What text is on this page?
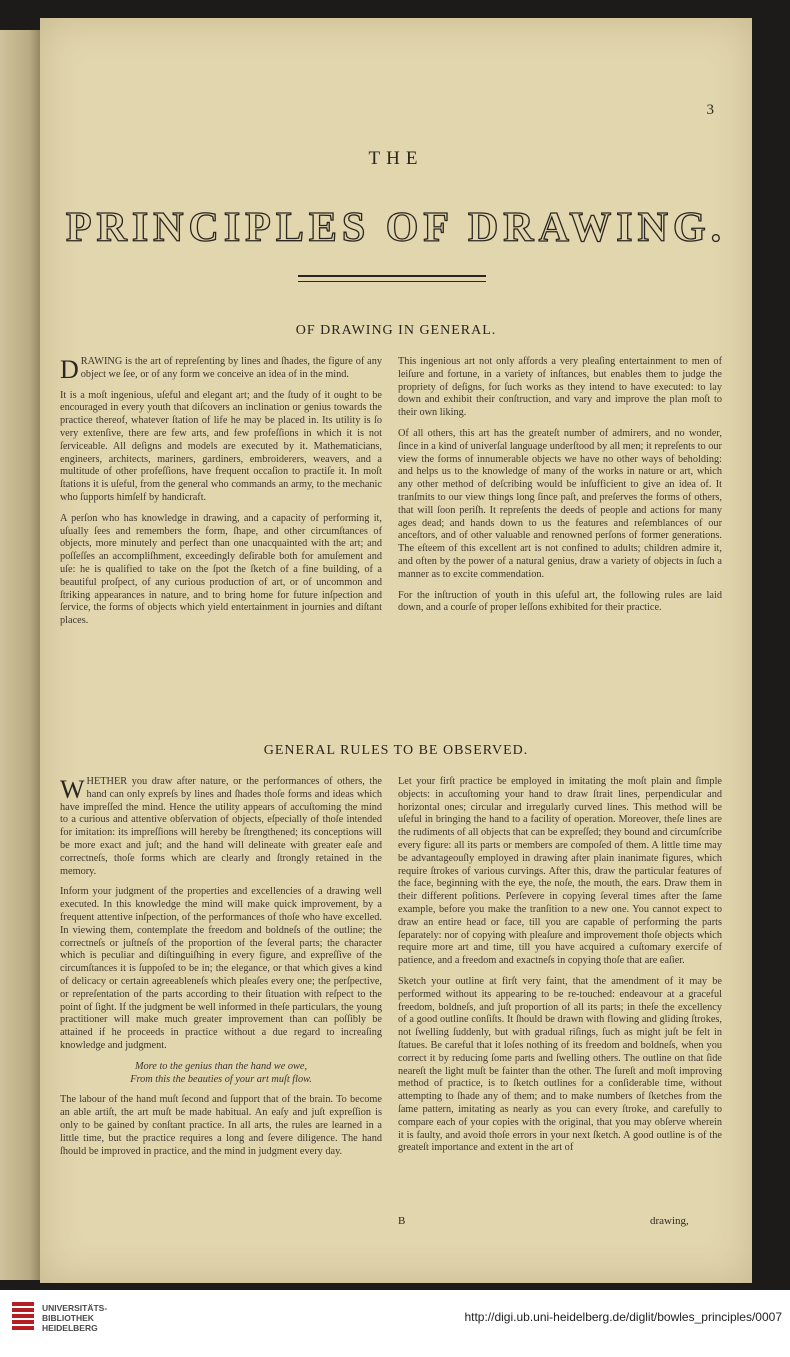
3
THE
PRINCIPLES OF DRAWING.
OF DRAWING IN GENERAL.

DRAWING is the art of repreſenting by lines and ſhades, the figure of any object we ſee, or of any form we conceive an idea of in the mind.

It is a moſt ingenious, uſeful and elegant art; and the ſtudy of it ought to be encouraged in every youth that diſcovers an inclination or genius towards the practice thereof, whatever ſtation of life he may be placed in. Its utility is ſo very extenſive, there are few arts, and few profeſſions in which it is not ſerviceable. All deſigns and models are executed by it. Mathematicians, engineers, architects, mariners, gardiners, embroiderers, weavers, and a multitude of other profeſſions, have frequent occaſion to practiſe it. In moſt ſtations it is uſeful, from the general who commands an army, to the mechanic who ſupports himſelf by handicraft.

A perſon who has knowledge in drawing, and a capacity of performing it, uſually ſees and remembers the form, ſhape, and other circumſtances of objects, more minutely and perfect than one unacquainted with the art; and poſſeſſes an accompliſhment, exceedingly deſirable both for amuſement and uſe: he is qualified to take on the ſpot the ſketch of a fine building, of a beautiful proſpect, of any curious production of art, or of uncommon and ſtriking appearances in nature, and to bring home for future inſpection and ſervice, the forms of objects which yield entertainment in journies and diſtant places.

This ingenious art not only affords a very pleaſing entertainment to men of leiſure and fortune, in a variety of inſtances, but enables them to judge the propriety of deſigns, for ſuch works as they intend to have executed: to lay down and exhibit their conſtruction, and vary and improve the plan moſt to their own liking.

Of all others, this art has the greateſt number of admirers, and no wonder, ſince in a kind of univerſal language underſtood by all men; it repreſents to our view the forms of innumerable objects we have no other ways of beholding: and helps us to the knowledge of many of the works in nature or art, which any other method of deſcribing would be inſufficient to give an idea of. It tranſmits to our view things long ſince paſt, and preſerves the forms of others, that will ſoon periſh. It repreſents the deeds of people and actions for many ages dead; and hands down to us the features and reſemblances of our anceſtors, and of other valuable and renowned perſons of former generations. The eſteem of this excellent art is not confined to adults; children admire it, and often by the power of a natural genius, draw a variety of objects in ſuch a manner as to excite commendation.

For the inſtruction of youth in this uſeful art, the following rules are laid down, and a courſe of proper leſſons exhibited for their practice.

GENERAL RULES TO BE OBSERVED.

WHETHER you draw after nature, or the performances of others, the hand can only expreſs by lines and ſhades thoſe forms and ideas which have impreſſed the mind. Hence the utility appears of accuſtoming the mind to a curious and attentive obſervation of objects, eſpecially of thoſe intended for imitation: its impreſſions will hereby be ſtrengthened; its conceptions will be more exact and juſt; and the hand will delineate with greater eaſe and correctneſs, thoſe forms which are clearly and ſtrongly retained in the memory.

Inform your judgment of the properties and excellencies of a drawing well executed. In this knowledge the mind will make quick improvement, by a frequent attentive inſpection, of the performances of thoſe who have excelled. In viewing them, contemplate the freedom and boldneſs of the outline; the correctneſs or juſtneſs of the proportion of the ſeveral parts; the character which is peculiar and diſtinguiſhing in every figure, and expreſſive of the circumſtances it is ſuppoſed to be in; the elegance, or that which gives a kind of delicacy or certain agreeableneſs which pleaſes every one; the perſpective, or repreſentation of the parts according to their ſituation with reſpect to the point of ſight. If the judgment be well informed in theſe particulars, the young practitioner will make much greater improvement than can poſſibly be attained if he proceeds in practice without a due regard to increaſing knowledge and judgment.

More to the genius than the hand we owe,
From this the beauties of your art muſt flow.

The labour of the hand muſt ſecond and ſupport that of the brain. To become an able artiſt, the art muſt be made habitual. An eaſy and juſt expreſſion is only to be gained by conſtant practice. In all arts, the rules are learned in a little time, but the practice requires a long and ſevere diligence. The hand ſhould be improved in practice, and the mind in judgment every day.

Let your firſt practice be employed in imitating the moſt plain and ſimple objects: in accuſtoming your hand to draw ſtrait lines, perpendicular and horizontal ones; circular and irregularly curved lines. This method will be uſeful in bringing the hand to a facility of operation. Moreover, theſe lines are the rudiments of all objects that can be expreſſed; they bound and circumſcribe every figure: all its parts or members are compoſed of them. A little time may be advantageouſly employed in drawing after plain inanimate figures, which require ſtrokes of various curvings. After this, draw the particular features of the face, beginning with the eye, the noſe, the mouth, the ears. Draw them in their different poſitions. Perſevere in copying ſeveral times after the ſame example, before you make the tranſition to a new one. You cannot expect to draw an entire head or face, till you are capable of performing the parts ſeparately: nor of copying with pleaſure and improvement thoſe objects which require more art and time, till you have acquired a cuſtomary exercife of patience, and a freedom and exactneſs in copying thoſe that are eaſier.

Sketch your outline at firſt very faint, that the amendment of it may be performed without its appearing to be re-touched: endeavour at a graceful freedom, boldneſs, and juſt proportion of all its parts; in theſe the excellency of a good outline conſiſts. It ſhould be drawn with flowing and gliding ſtrokes, not ſwelling ſuddenly, but with gradual riſings, ſuch as might juſt be felt in ſtatues. Be careful that it loſes nothing of its freedom and boldneſs, when you correct it by reducing ſome parts and ſwelling others. The outline on that ſide neareſt the light muſt be fainter than the other. The ſureſt and moſt improving method of practice, is to ſketch outlines for a conſiderable time, without attempting to ſhade any of them; and to make numbers of ſketches from the ſame pattern, imitating as nearly as you can every ſtroke, and carefully to compare each of your copies with the original, that you may obſerve wherein it is faulty, and avoid thoſe errors in your next ſketch. A good outline is of the greateſt importance and extent in the art of

B	drawing,
UNIVERSITÄTS-
BIBLIOTHEK
HEIDELBERG
http://digi.ub.uni-heidelberg.de/diglit/bowles_principles/0007
